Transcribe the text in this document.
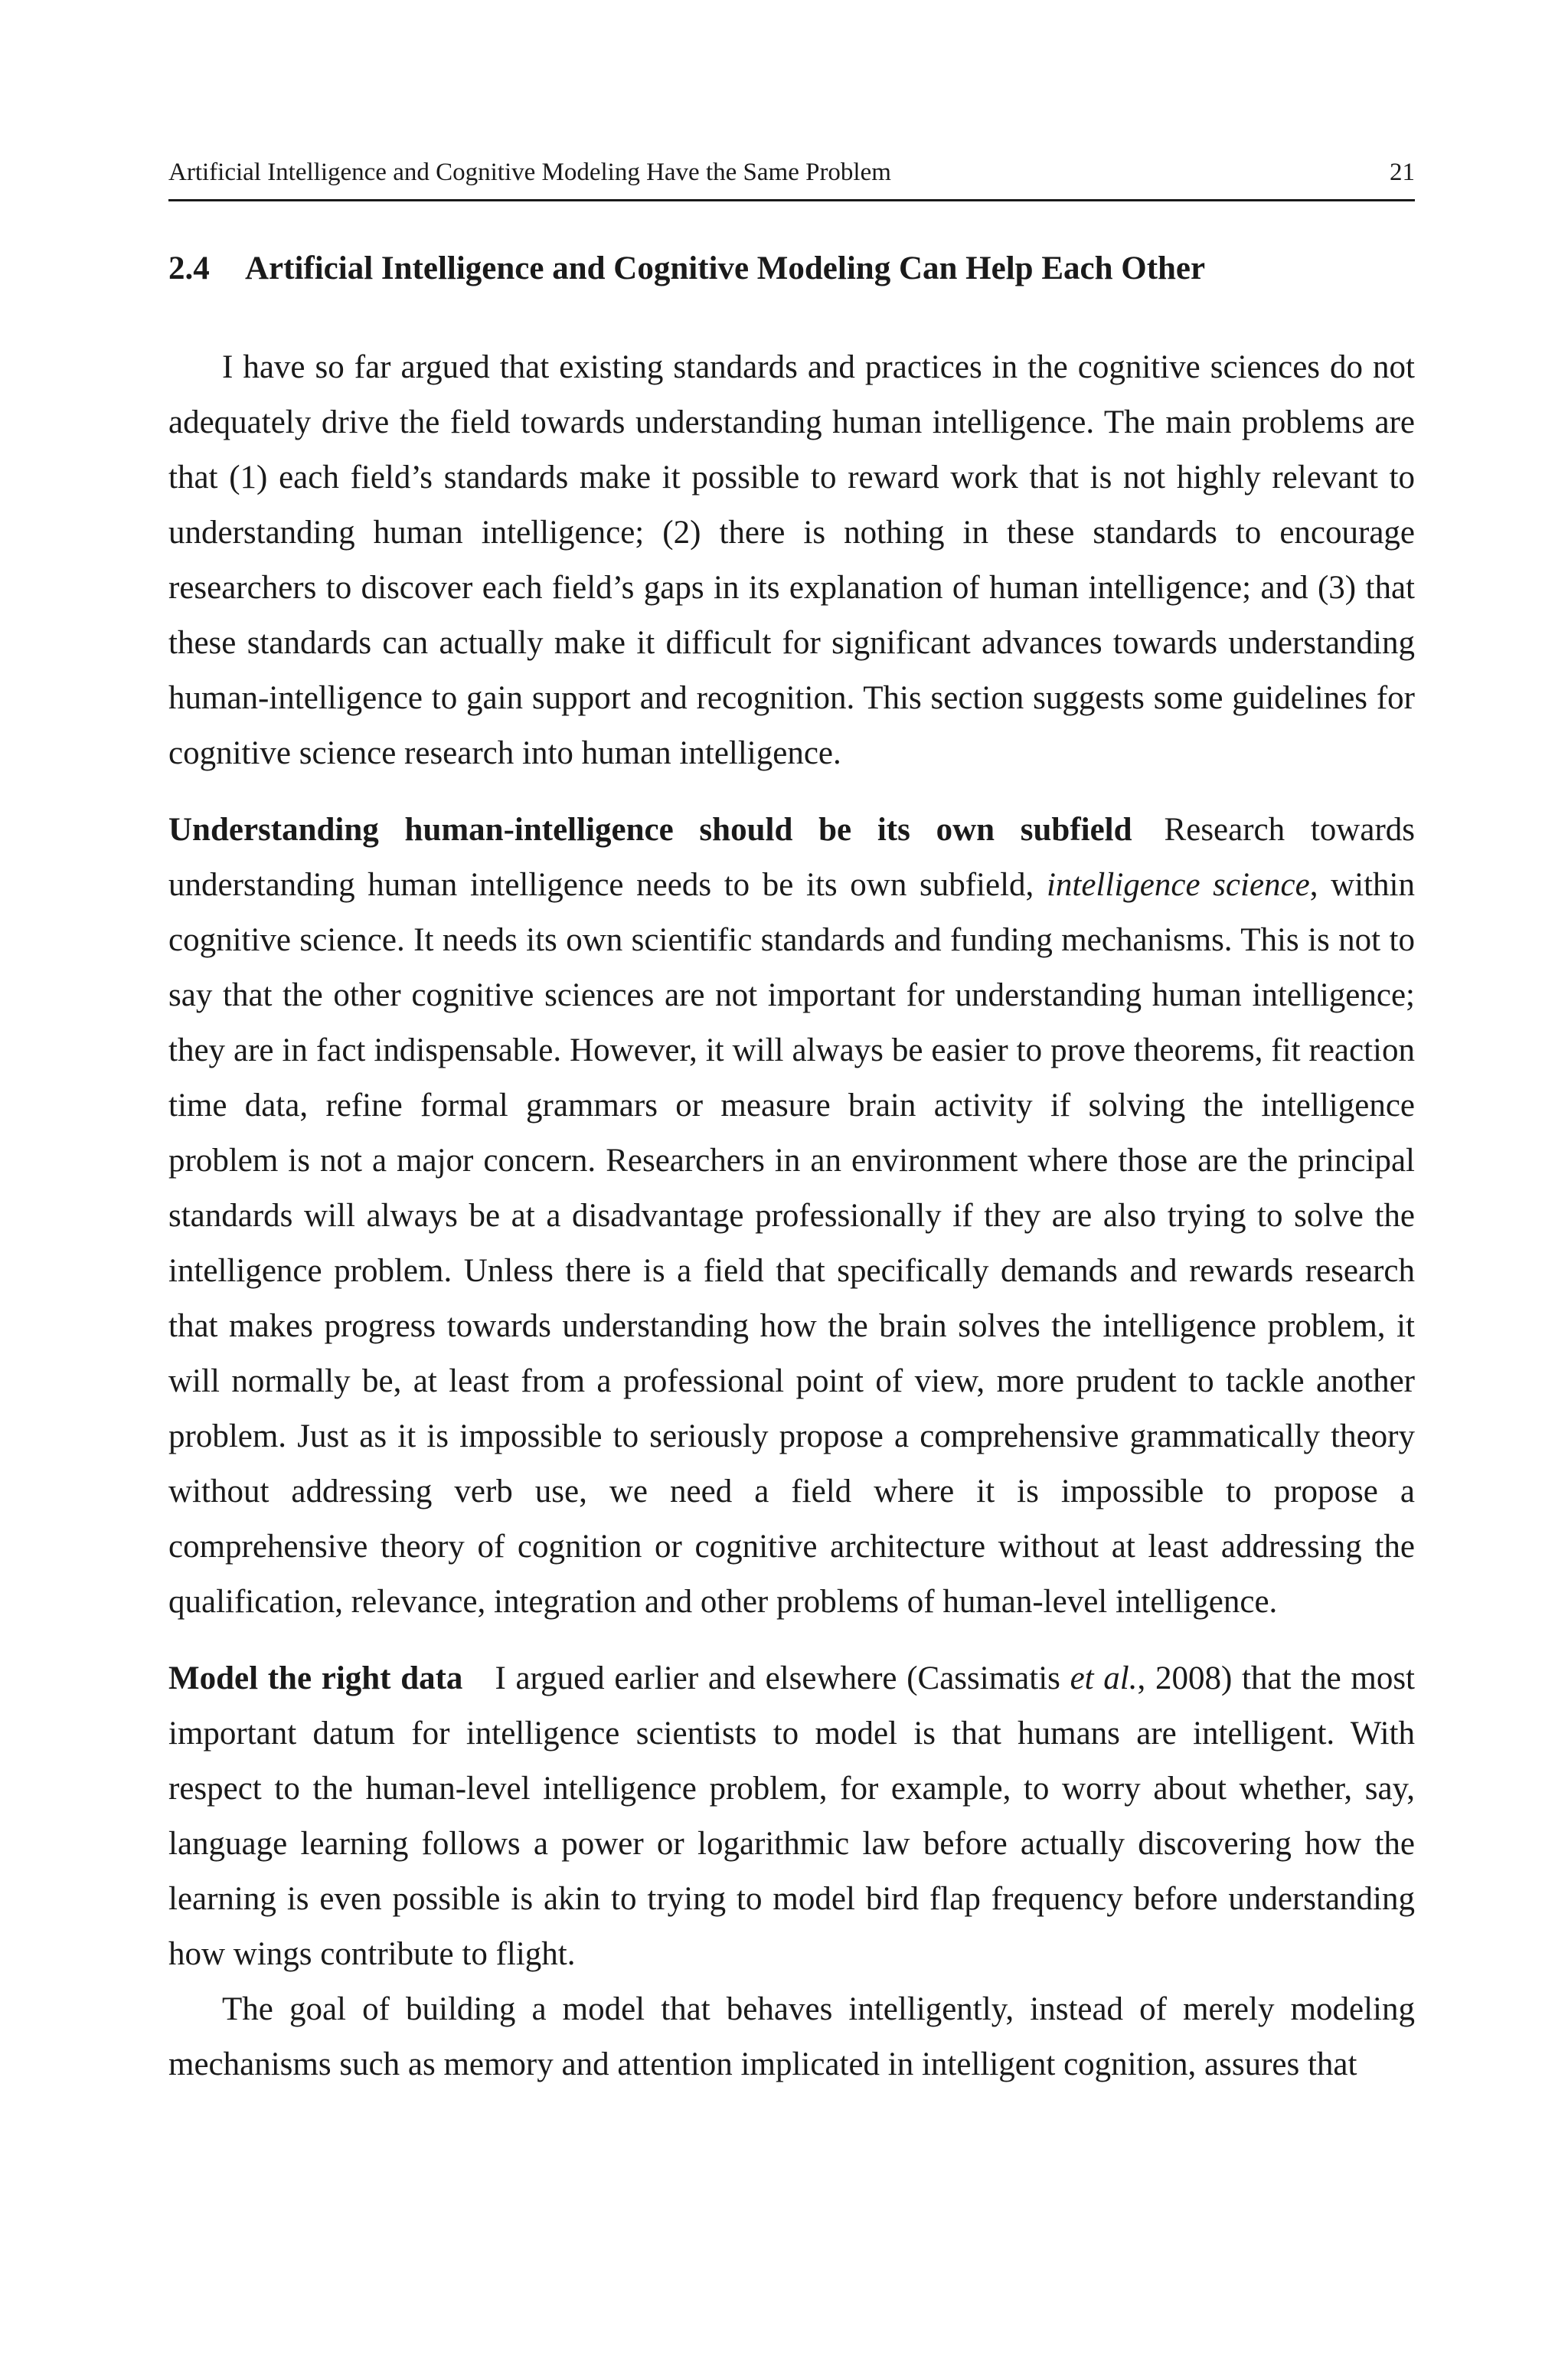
Artificial Intelligence and Cognitive Modeling Have the Same Problem	21
2.4 Artificial Intelligence and Cognitive Modeling Can Help Each Other

I have so far argued that existing standards and practices in the cognitive sciences do not adequately drive the field towards understanding human intelligence. The main problems are that (1) each field’s standards make it possible to reward work that is not highly relevant to understanding human intelligence; (2) there is nothing in these standards to encourage researchers to discover each field’s gaps in its explanation of human intelligence; and (3) that these standards can actually make it difficult for significant advances towards understanding human-intelligence to gain support and recognition. This section suggests some guidelines for cognitive science research into human intelligence.

Understanding human-intelligence should be its own subfield Research towards understanding human intelligence needs to be its own subfield, intelligence science, within cognitive science. It needs its own scientific standards and funding mechanisms. This is not to say that the other cognitive sciences are not important for understanding human intelligence; they are in fact indispensable. However, it will always be easier to prove theorems, fit reaction time data, refine formal grammars or measure brain activity if solving the intelligence problem is not a major concern. Researchers in an environment where those are the principal standards will always be at a disadvantage professionally if they are also trying to solve the intelligence problem. Unless there is a field that specifically demands and rewards research that makes progress towards understanding how the brain solves the intelligence problem, it will normally be, at least from a professional point of view, more prudent to tackle another problem. Just as it is impossible to seriously propose a comprehensive grammatically theory without addressing verb use, we need a field where it is impossible to propose a comprehensive theory of cognition or cognitive architecture without at least addressing the qualification, relevance, integration and other problems of human-level intelligence.

Model the right data I argued earlier and elsewhere (Cassimatis et al., 2008) that the most important datum for intelligence scientists to model is that humans are intelligent. With respect to the human-level intelligence problem, for example, to worry about whether, say, language learning follows a power or logarithmic law before actually discovering how the learning is even possible is akin to trying to model bird flap frequency before understanding how wings contribute to flight.

The goal of building a model that behaves intelligently, instead of merely modeling mechanisms such as memory and attention implicated in intelligent cognition, assures that
